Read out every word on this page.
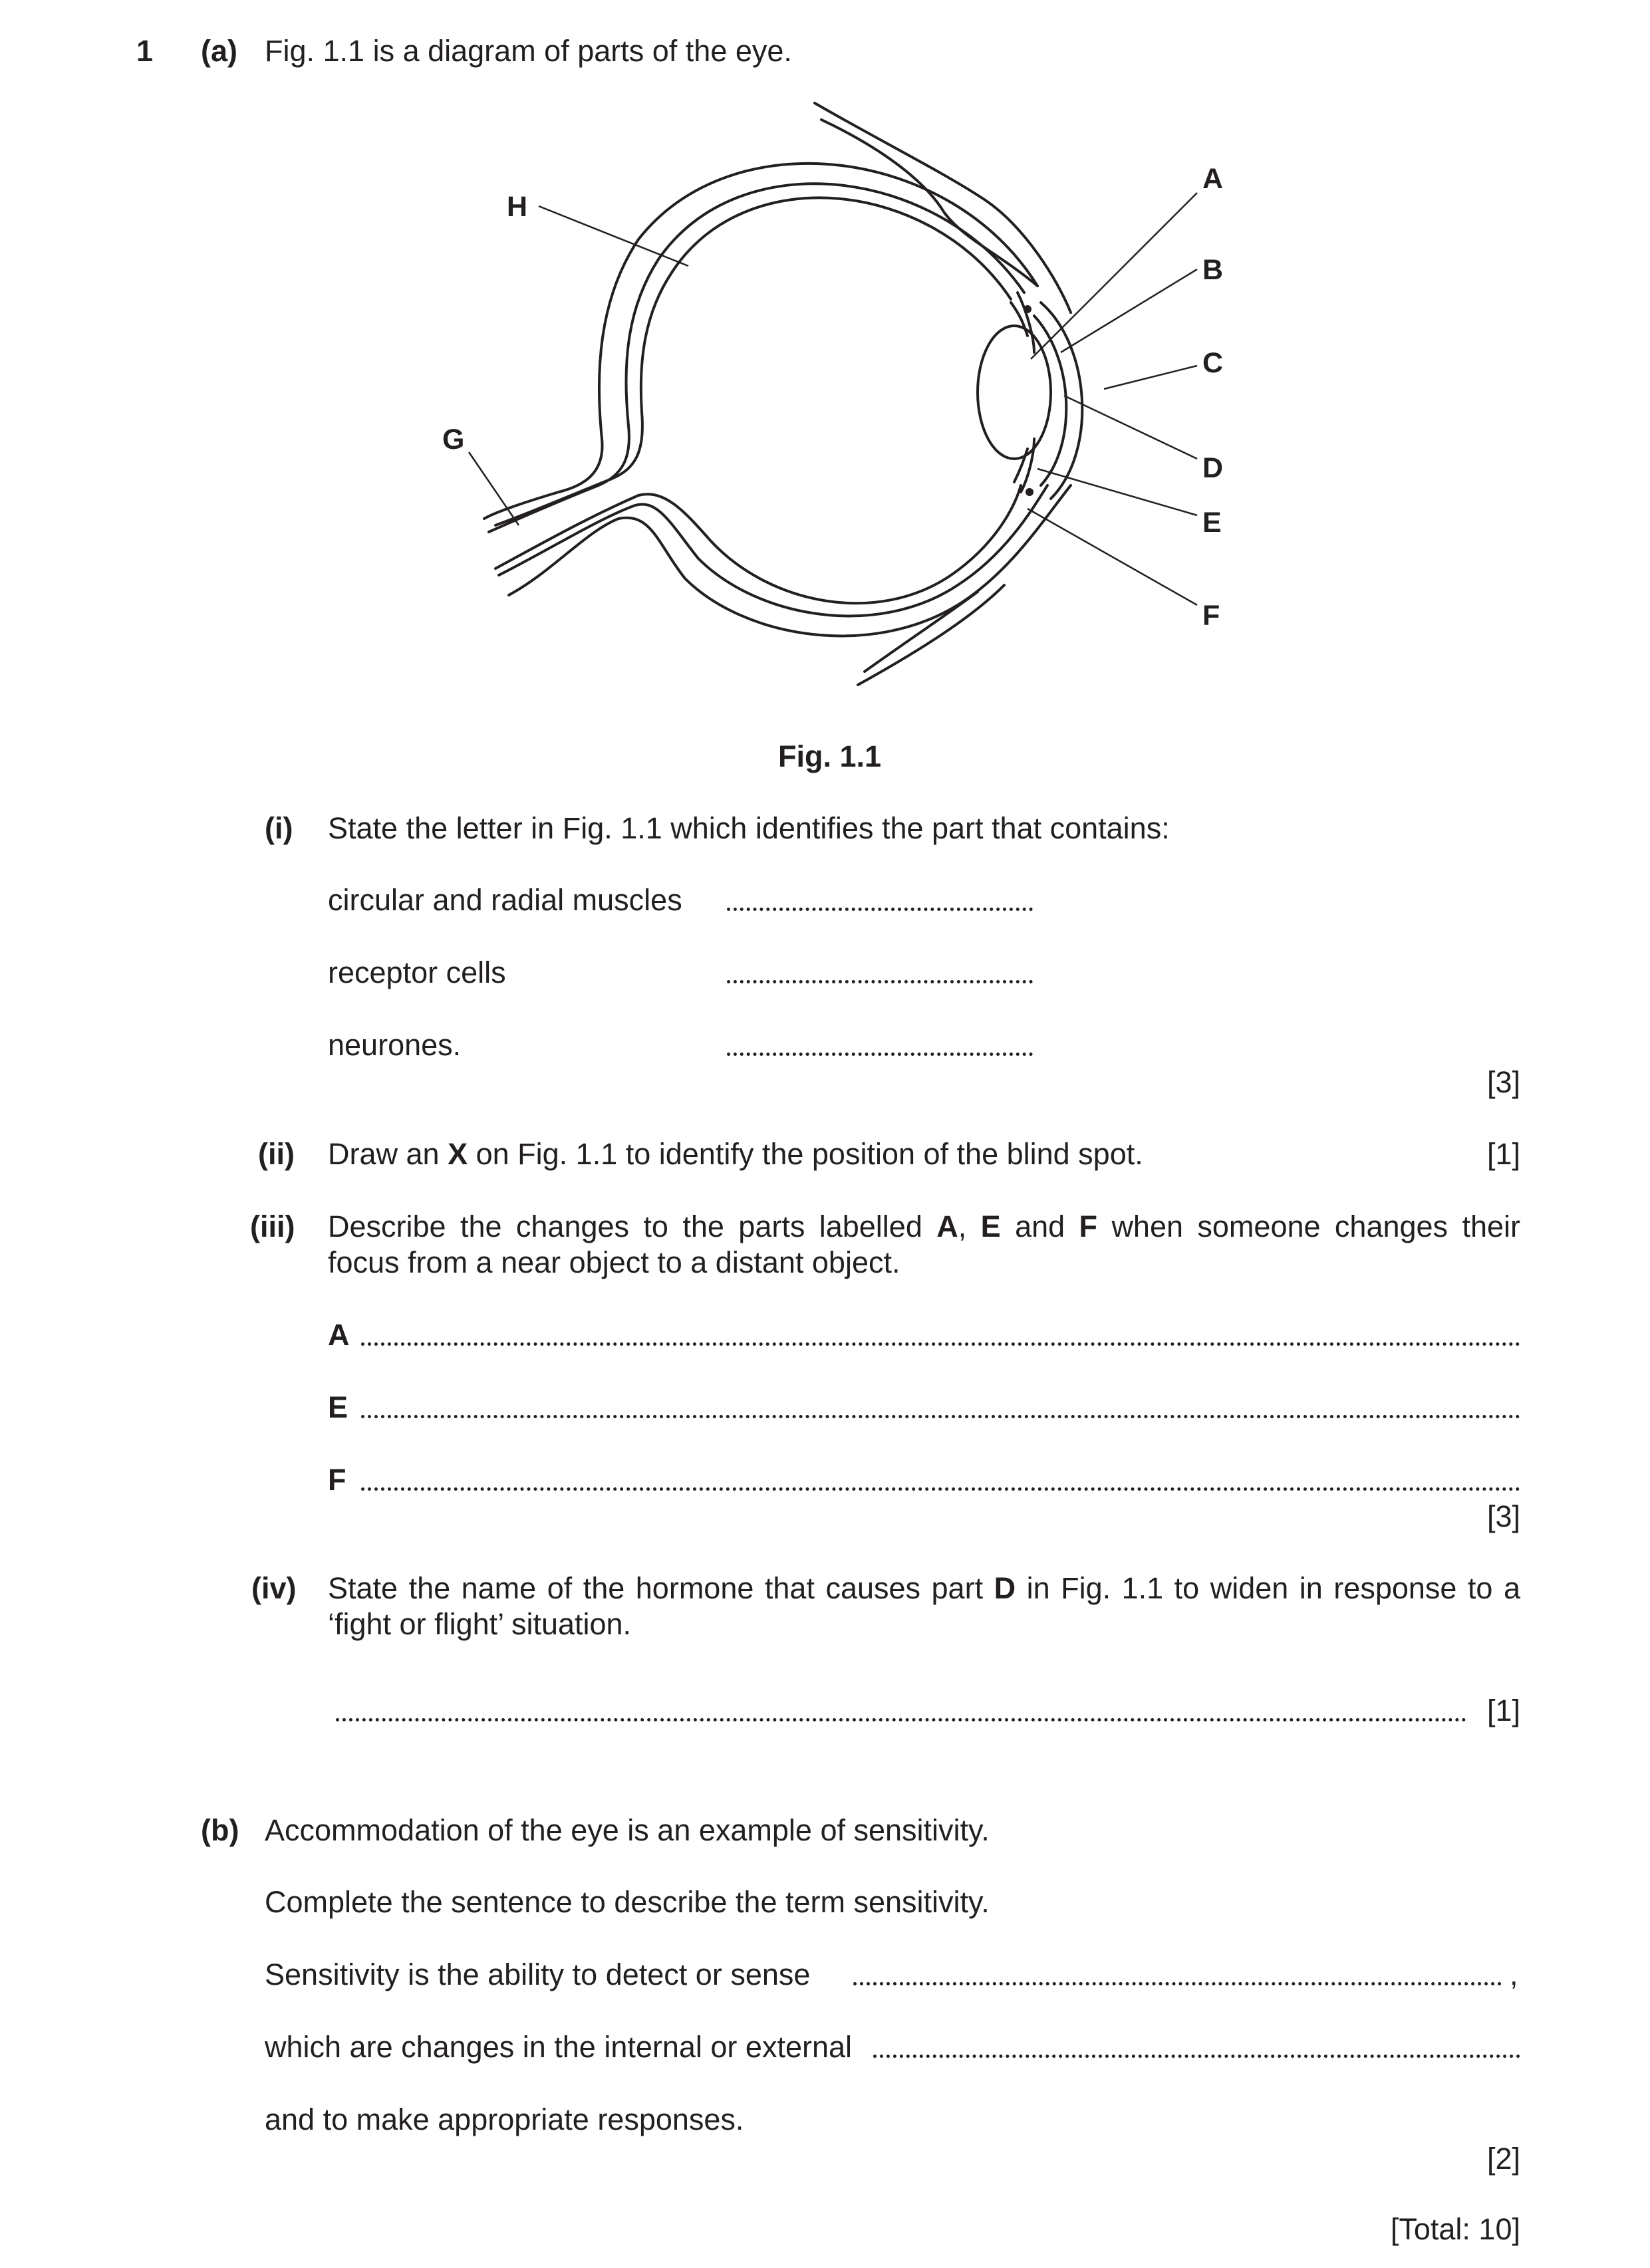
1 (a) Fig. 1.1 is a diagram of parts of the eye.
A
B
C
D
E
F
G
H
Fig. 1.1
(i) State the letter in Fig. 1.1 which identifies the part that contains:
circular and radial muscles
receptor cells
neurones.
[3]
(ii) Draw an X on Fig. 1.1 to identify the position of the blind spot.	[1]
(iii) Describe the changes to the parts labelled A, E and F when someone changes their
focus from a near object to a distant object.
A
E
F
[3]
(iv) State the name of the hormone that causes part D in Fig. 1.1 to widen in response to a
‘fight or flight’ situation.
[1]
(b) Accommodation of the eye is an example of sensitivity.
Complete the sentence to describe the term sensitivity.
Sensitivity is the ability to detect or sense	,
which are changes in the internal or external
and to make appropriate responses.
[2]
[Total: 10]
